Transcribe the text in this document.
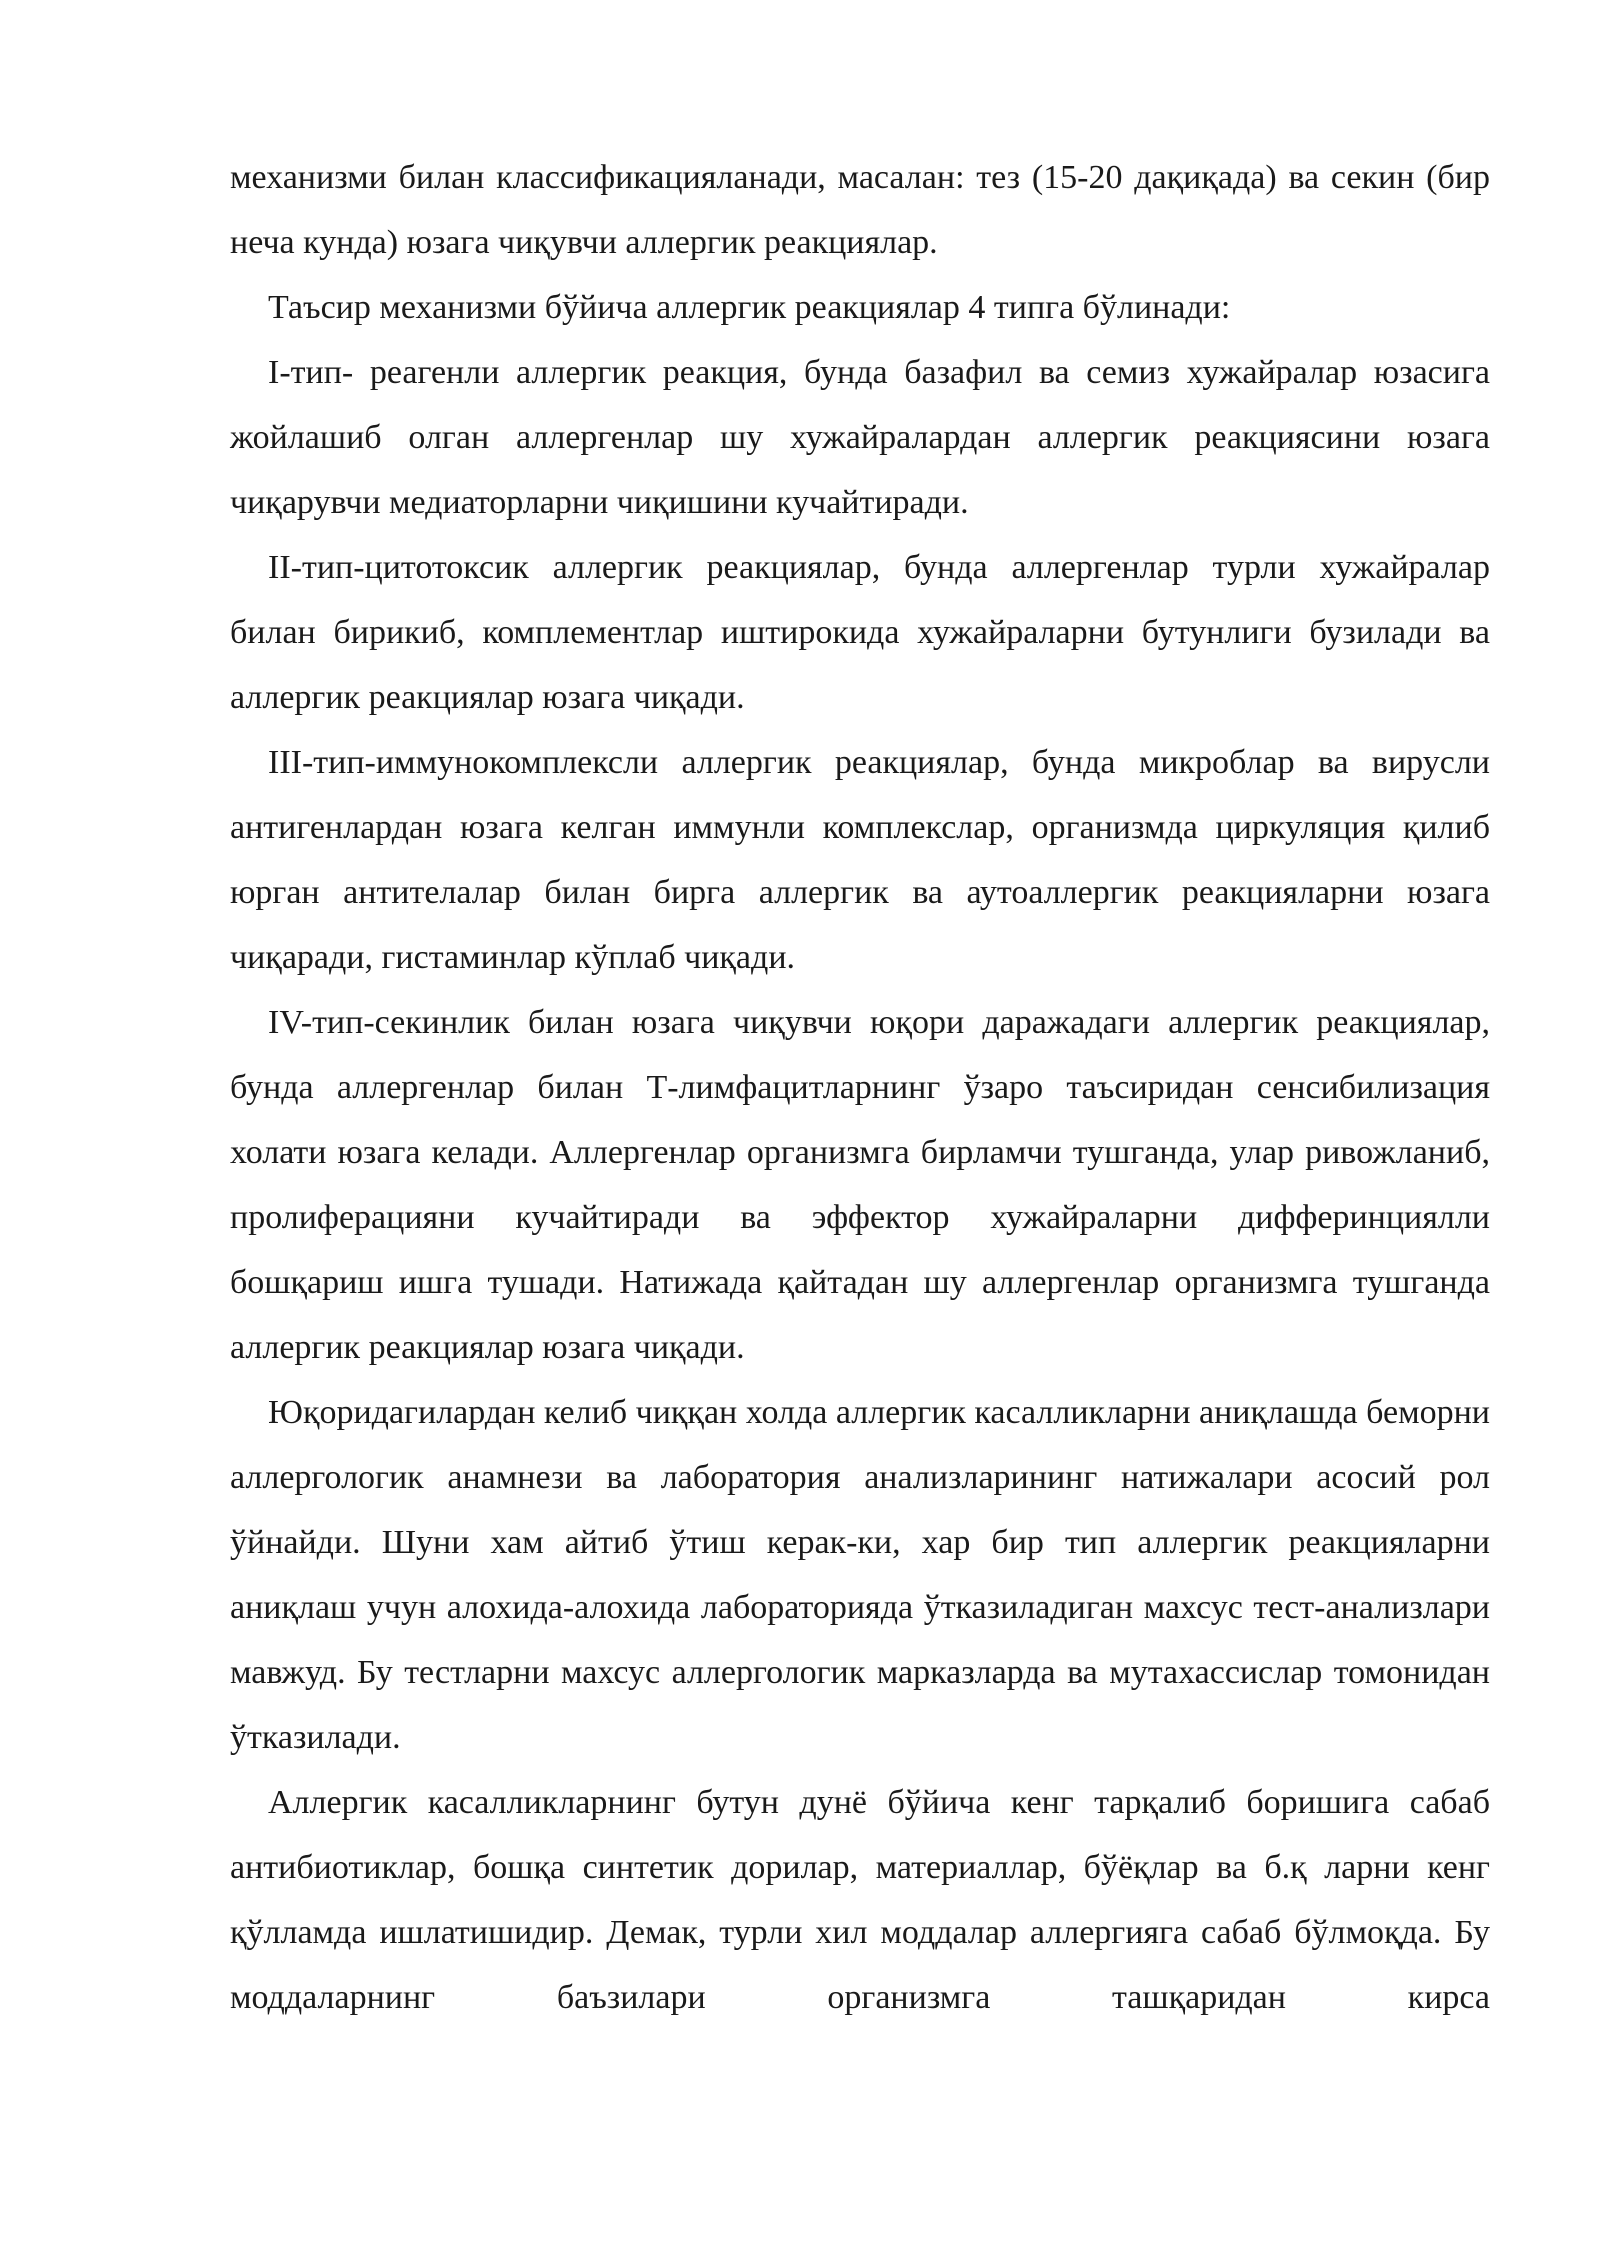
механизми билан классификацияланади, масалан: тез (15-20 дақиқада) ва секин (бир неча кунда) юзага чиқувчи аллергик реакциялар.

Таъсир механизми бўйича аллергик реакциялар 4 типга бўлинади:

I-тип- реагенли аллергик реакция, бунда базафил ва семиз хужайралар юзасига жойлашиб олган аллергенлар шу хужайралардан аллергик реакциясини юзага чиқарувчи медиаторларни чиқишини кучайтиради.

II-тип-цитотоксик аллергик реакциялар, бунда аллергенлар турли хужайралар билан бирикиб, комплементлар иштирокида хужайраларни бутунлиги бузилади ва аллергик реакциялар юзага чиқади.

III-тип-иммунокомплексли аллергик реакциялар, бунда микроблар ва вирусли антигенлардан юзага келган иммунли комплекслар, организмда циркуляция қилиб юрган антителалар билан бирга аллергик ва аутоаллергик реакцияларни юзага чиқаради, гистаминлар кўплаб чиқади.

IV-тип-секинлик билан юзага чиқувчи юқори даражадаги аллергик реакциялар, бунда аллергенлар билан Т-лимфацитларнинг ўзаро таъсиридан сенсибилизация холати юзага келади. Аллергенлар организмга бирламчи тушганда, улар ривожланиб, пролиферацияни кучайтиради ва эффектор хужайраларни дифферинциялли бошқариш ишга тушади. Натижада қайтадан шу аллергенлар организмга тушганда аллергик реакциялар юзага чиқади.

Юқоридагилардан келиб чиққан холда аллергик касалликларни аниқлашда беморни аллергологик анамнези ва лаборатория анализларининг натижалари асосий рол ўйнайди. Шуни хам айтиб ўтиш керак-ки, хар бир тип аллергик реакцияларни аниқлаш учун алохида-алохида лабораторияда ўтказиладиган махсус тест-анализлари мавжуд. Бу тестларни махсус аллергологик марказларда ва мутахассислар томонидан ўтказилади.

Аллергик касалликларнинг бутун дунё бўйича кенг тарқалиб боришига сабаб антибиотиклар, бошқа синтетик дорилар, материаллар, бўёқлар ва б.қ ларни кенг қўлламда ишлатишидир. Демак, турли хил моддалар аллергияга сабаб бўлмоқда. Бу моддаларнинг баъзилари организмга ташқаридан кирса
